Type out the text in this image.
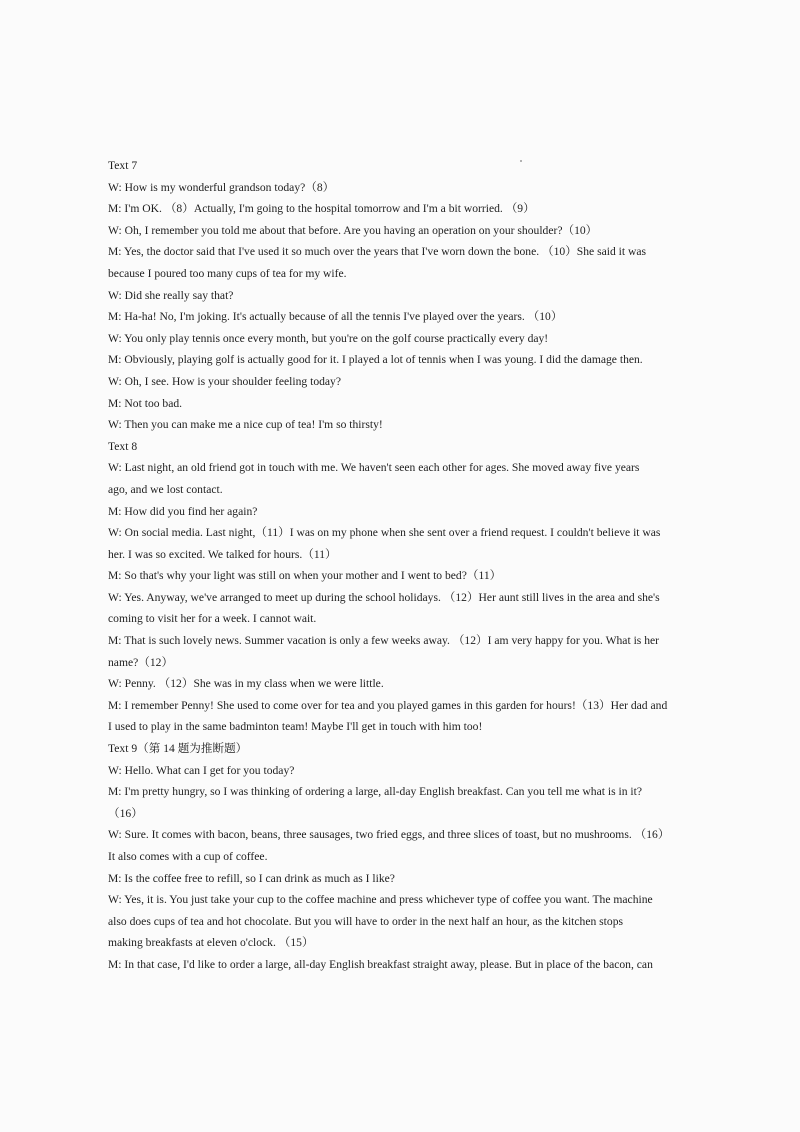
Text 7
W: How is my wonderful grandson today?（8）
M: I'm OK. （8）Actually, I'm going to the hospital tomorrow and I'm a bit worried. （9）
W: Oh, I remember you told me about that before. Are you having an operation on your shoulder?（10）
M: Yes, the doctor said that I've used it so much over the years that I've worn down the bone. （10）She said it was
because I poured too many cups of tea for my wife.
W: Did she really say that?
M: Ha-ha! No, I'm joking. It's actually because of all the tennis I've played over the years. （10）
W: You only play tennis once every month, but you're on the golf course practically every day!
M: Obviously, playing golf is actually good for it. I played a lot of tennis when I was young. I did the damage then.
W: Oh, I see. How is your shoulder feeling today?
M: Not too bad.
W: Then you can make me a nice cup of tea! I'm so thirsty!
Text 8
W: Last night, an old friend got in touch with me. We haven't seen each other for ages. She moved away five years
ago, and we lost contact.
M: How did you find her again?
W: On social media. Last night,（11）I was on my phone when she sent over a friend request. I couldn't believe it was
her. I was so excited. We talked for hours.（11）
M: So that's why your light was still on when your mother and I went to bed?（11）
W: Yes. Anyway, we've arranged to meet up during the school holidays. （12）Her aunt still lives in the area and she's
coming to visit her for a week. I cannot wait.
M: That is such lovely news. Summer vacation is only a few weeks away. （12）I am very happy for you. What is her
name?（12）
W: Penny. （12）She was in my class when we were little.
M: I remember Penny! She used to come over for tea and you played games in this garden for hours!（13）Her dad and
I used to play in the same badminton team! Maybe I'll get in touch with him too!
Text 9（第 14 题为推断题）
W: Hello. What can I get for you today?
M: I'm pretty hungry, so I was thinking of ordering a large, all-day English breakfast. Can you tell me what is in it?
（16）
W: Sure. It comes with bacon, beans, three sausages, two fried eggs, and three slices of toast, but no mushrooms. （16）
It also comes with a cup of coffee.
M: Is the coffee free to refill, so I can drink as much as I like?
W: Yes, it is. You just take your cup to the coffee machine and press whichever type of coffee you want. The machine
also does cups of tea and hot chocolate. But you will have to order in the next half an hour, as the kitchen stops
making breakfasts at eleven o'clock. （15）
M: In that case, I'd like to order a large, all-day English breakfast straight away, please. But in place of the bacon, can
